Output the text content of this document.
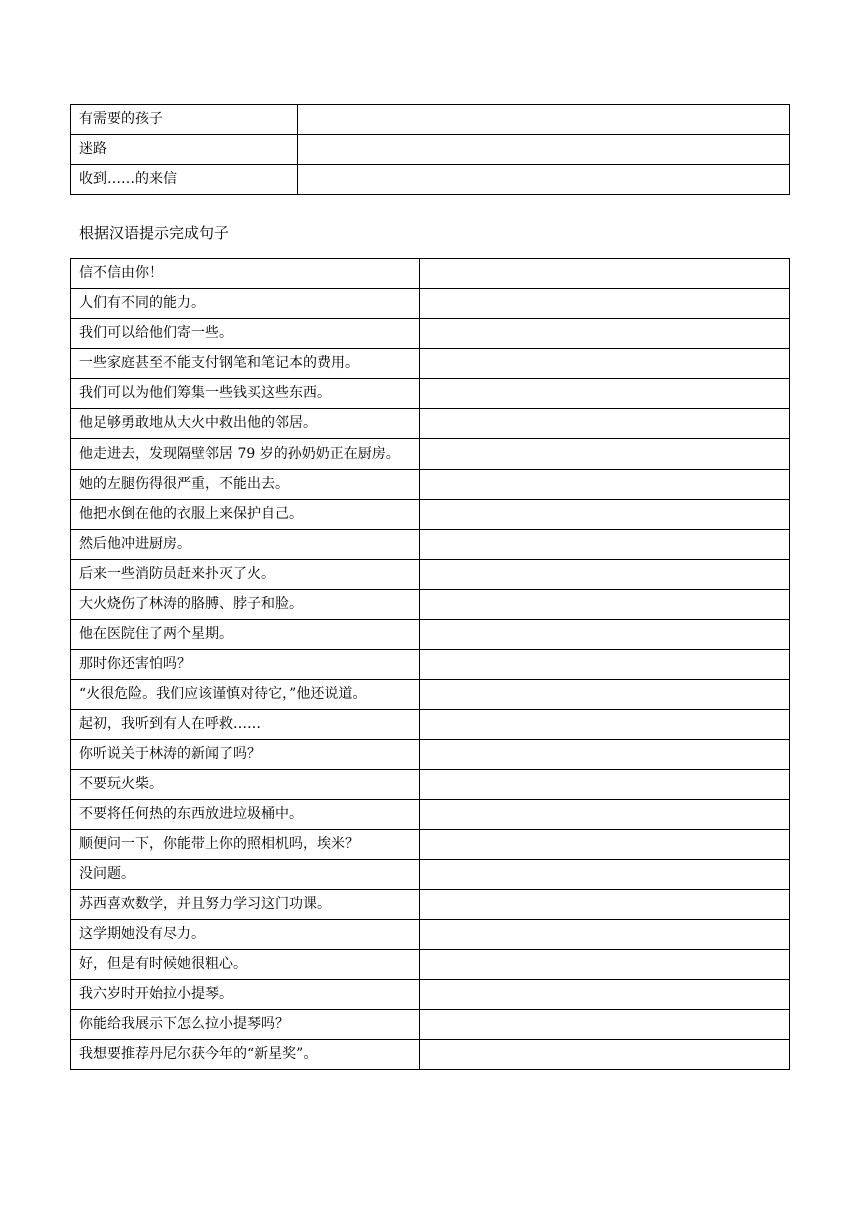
有需要的孩子	
迷路	
收到……的来信	
根据汉语提示完成句子
信不信由你！	
人们有不同的能力。	
我们可以给他们寄一些。	
一些家庭甚至不能支付钢笔和笔记本的费用。	
我们可以为他们筹集一些钱买这些东西。	
他足够勇敢地从大火中救出他的邻居。	
他走进去，发现隔壁邻居 79 岁的孙奶奶正在厨房。	
她的左腿伤得很严重，不能出去。	
他把水倒在他的衣服上来保护自己。	
然后他冲进厨房。	
后来一些消防员赶来扑灭了火。	
大火烧伤了林涛的胳膊、脖子和脸。	
他在医院住了两个星期。	
那时你还害怕吗？	
“火很危险。我们应该谨慎对待它，”他还说道。	
起初，我听到有人在呼救……	
你听说关于林涛的新闻了吗？	
不要玩火柴。	
不要将任何热的东西放进垃圾桶中。	
顺便问一下，你能带上你的照相机吗，埃米？	
没问题。	
苏西喜欢数学，并且努力学习这门功课。	
这学期她没有尽力。	
好，但是有时候她很粗心。	
我六岁时开始拉小提琴。	
你能给我展示下怎么拉小提琴吗？	
我想要推荐丹尼尔获今年的“新星奖”。	
